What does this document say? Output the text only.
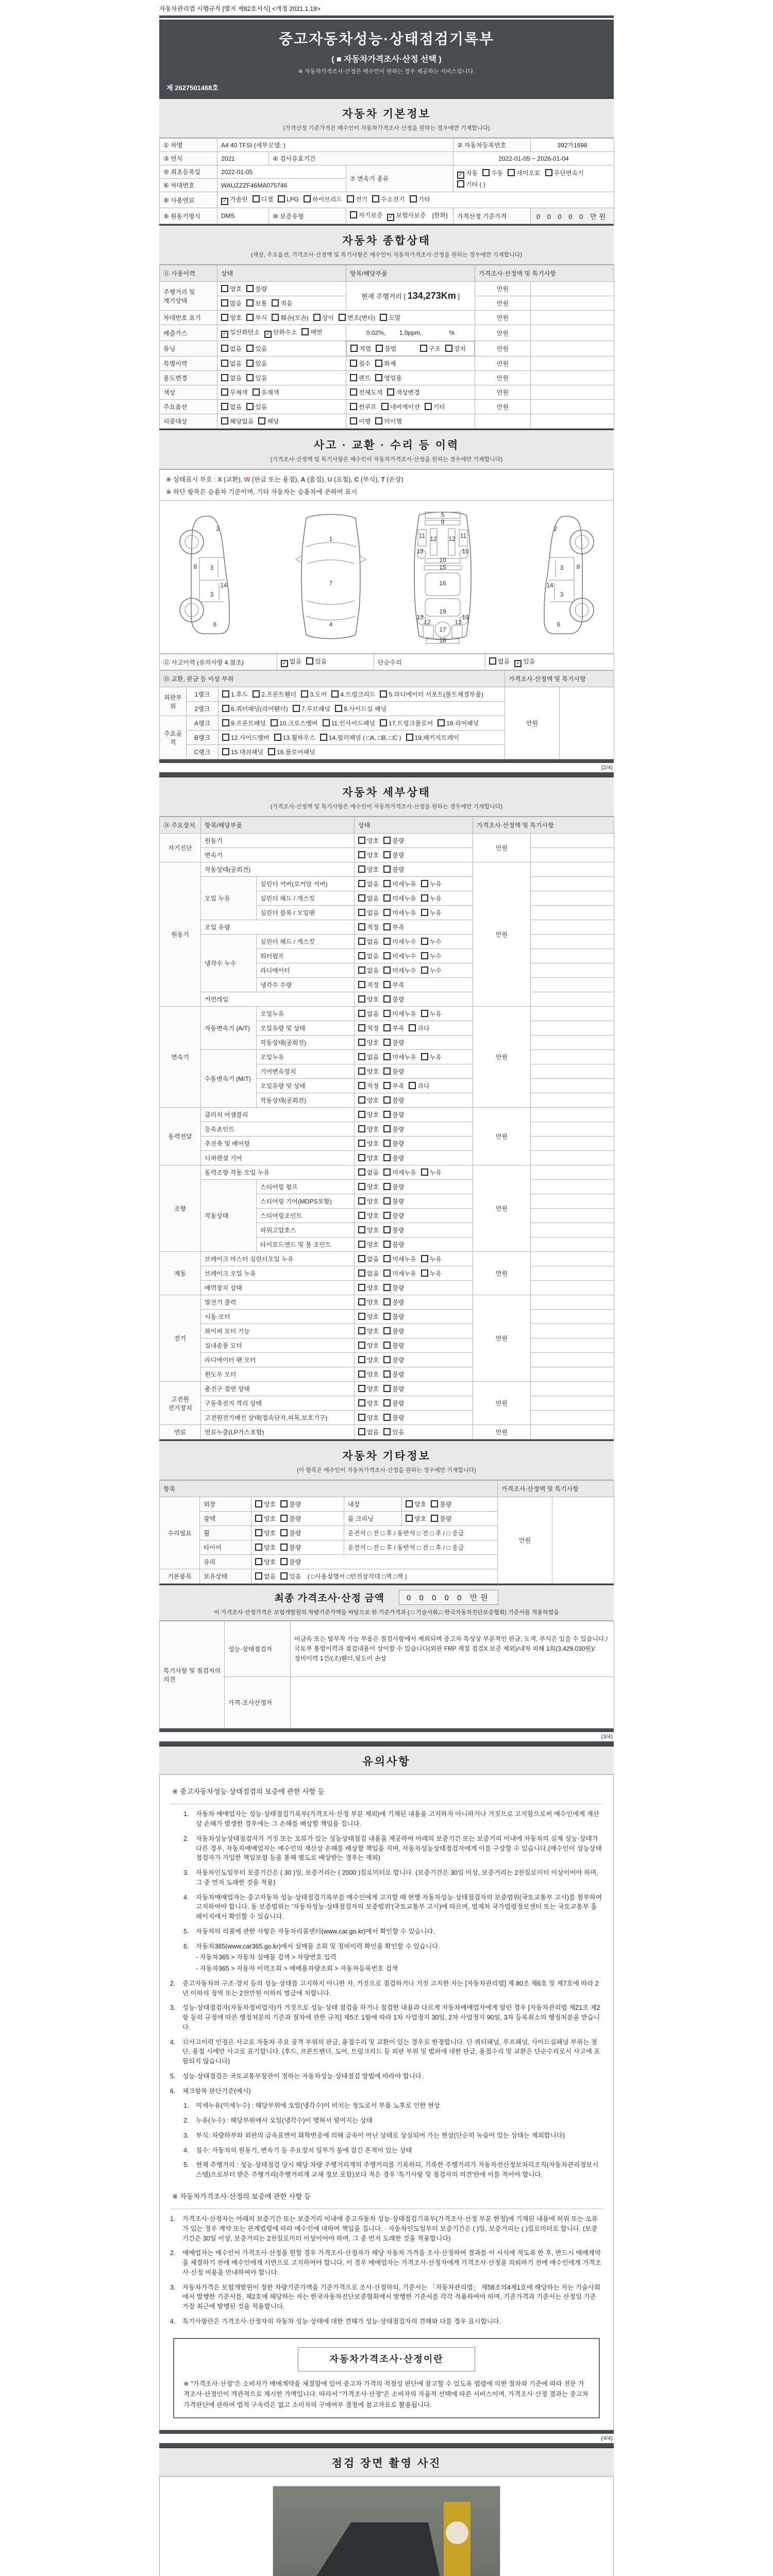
자동차관리법 시행규칙 [별지 제82호서식] <개정 2021.1.19>
중고자동차성능·상태점검기록부
( ■ 자동차가격조사·산정 선택 )
※ 자동차가격조사·산정은 매수인이 원하는 경우 제공하는 서비스입니다.
제 2627501468호
자동차 기본정보
(가격산정 기준가격은 매수인이 자동차가격조사·산정을 원하는 경우에만 기재합니다)
① 차명	A4 40 TFSI (세부모델: )			② 자동차등록번호	392가1698
③ 연식	2021	④ 검사유효기간		2022-01-05 ~ 2026-01-04	
⑤ 최초등록일	2022-01-05		⑦ 변속기 종류	✓ 자동 수동 세미오토 무단변속기기타 ( )	
⑥ 차대번호	WAUZZZF46MA075746				
⑧ 사용연료	✓ 가솔린 디젤 LPG 하이브리드 전기 수소전기 기타				
⑨ 원동기형식	DMS	⑩ 보증유형	자기보증 ✓ 보험사보증 [한화]	가격산정 기준가격	0 0 0 0 0 만원
자동차 종합상태
(색상, 주요옵션, 가격조사·산정액 및 특기사항은 매수인이 자동차가격조사·산정을 원하는 경우에만 기재합니다)
⑪ 사용이력	상태	항목/해당부품	가격조사·산정액 및 특기사항	
주행거리 및 계기상태	양호 불량	현재 주행거리 [ 134,273Km ]	만원	
	많음 보통 적음		만원	
차대번호 표기	양호 부식 훼손(오손) 상이 변조(변타) 도말		만원	
배출가스	✓ 일산화탄소 ✓ 탄화수소 매연	0.02%,        1.0ppm,                %	만원	
튜닝	없음 있음		적법 불법	구조 장치	만원	
특별이력	없음 있음	침수 화재	만원	
용도변경	없음 있음	렌트 영업용	만원	
색상	무채색 유채색	전체도색 색상변경	만원	
주요옵션	없음 있음	썬루프 네비게이션 기타	만원	
리콜대상	해당없음 해당	이행 미이행		
사고 · 교환 · 수리 등 이력
(가격조사·산정액 및 특기사항은 매수인이 자동차가격조사·산정을 원하는 경우에만 기재합니다)
※ 상태표시 부호 : X (교환), W (판금 또는 용접), A (흠집), U (요철), C (부식), T (손상)
※ 하단 항목은 승용차 기준이며, 기타 자동차는 승용차에 준하여 표시
2
8 3
14
3
6
1
7
4
5
9
11	11
13	13
12 12
10
15
16
19
13	13
17
12	12
18
2
3 8
14
3
6
⑫ 사고이력 (유의사항 4.참조)	✓ 없음 있음	단순수리	없음 ✓ 있음
⑬ 교환, 판금 등 이상 부위			가격조사·산정액 및 특기사항	
외판부위	1랭크	1.후드 2.프론트휀더 3.도어 4.트렁크리드 5.라디에이터 서포트(볼트체결부품)	만원	
	2랭크	6.쿼터패널(리어휀더) 7.루브패널 8.사이드실 패널		
주요골격	A랭크	9.프론트패널 10.크로스멤버 11.인사이드패널 17.트렁크플로어 18.리어패널		
	B랭크	12.사이드멤버 13.휠하우스 14.필러패널 ( □A, □B, □C ) 19.패키지트레이		
	C랭크	15.대쉬패널 16.플로어패널		
(2/4)
자동차 세부상태
(가격조사·산정액 및 특기사항은 매수인이 자동차가격조사·산정을 원하는 경우에만 기재합니다)
⑭ 주요장치	항목/해당부품		상태	가격조사·산정액 및 특기사항	
자기진단	원동기		양호 불량	만원	
	변속기		양호 불량		
원동기	작동상태(공회전)		양호 불량	만원	
	오일 누유	실린더 커버(로커암 커버)	없음 미세누유 누유		
		실린더 헤드 / 개스킷	없음 미세누유 누유		
		실린더 블록 / 오일팬	없음 미세누유 누유		
	오일 유량		적정 부족		
	냉각수 누수	실린더 헤드 / 개스킷	없음 미세누수 누수		
		워터펌프	없음 미세누수 누수		
		라디에이터	없음 미세누수 누수		
		냉각수 수량	적정 부족		
	커먼레일		양호 불량		
변속기	자동변속기 (A/T)	오일누유	없음 미세누유 누유	만원	
		오일유량 및 상태	적정 부족 과다		
		작동상태(공회전)	양호 불량		
	수동변속기 (M/T)	오일누유	없음 미세누유 누유		
		기어변속장치	양호 불량		
		오일유량 및 상태	적정 부족 과다		
		작동상태(공회전)	양호 불량		
동력전달	클러치 어셈블리		양호 불량	만원	
	등속죠인트		양호 불량		
	추진축 및 베어링		양호 불량		
	디퍼렌셜 기어		양호 불량		
조향	동력조향 작동 오일 누유		없음 미세누유 누유	만원	
	작동상태	스티어링 펌프	양호 불량		
		스티어링 기어(MDPS포함)	양호 불량		
		스티어링조인트	양호 불량		
		파워고압호스	양호 불량		
		타이로드엔드 및 볼 조인트	양호 불량		
제동	브레이크 마스터 실린더오일 누유		없음 미세누유 누유	만원	
	브레이크 오일 누유		없음 미세누유 누유		
	배력장치 상태		양호 불량		
전기	발전기 출력		양호 불량	만원	
	시동 모터		양호 불량		
	와이퍼 모터 기능		양호 불량		
	실내송풍 모터		양호 불량		
	라디에이터 팬 모터		양호 불량		
	윈도우 모터		양호 불량		
고전원 전기장치	충전구 절연 상태		양호 불량	만원	
	구동축전지 격리 상태		양호 불량		
	고전원전기배선 상태(접속단자,피복,보호기구)		양호 불량		
연료	연료누출(LP가스포함)		없음 있음	만원	
자동차 기타정보
(이 항목은 매수인이 자동차가격조사·산정을 원하는 경우에만 기재합니다)
항목					가격조사·산정액 및 특기사항	
수리필요	외장	양호 불량	내장	양호 불량	만원	
	광택	양호 불량	룸 크리닝	양호 불량		
	휠	양호 불량	운전석 □ 전 □ 후 / 동반석 □ 전 □ 후 / □ 응급			
	타이어	양호 불량	운전석 □ 전 □ 후 / 동반석 □ 전 □ 후 / □ 응급			
	유리	양호 불량				
기본품목	보유상태	없음 있음 ( □사용설명서 □안전삼각대 □잭 □잭 )				
최종 가격조사·산정 금액	0 0 0 0 0 만원
이 가격조사·산정가격은 보험개발원의 차량기준가액을 바탕으로 한 기준가격과 ( □ 기술사회,□ 한국자동차진단보증협회) 기준서를 적용하였음
특기사항 및 점검자의 의견	성능·상태점검자	비금속 또는 탈부착 가능 부품은 점검사항에서 제외되며 중고차 특성상 부분적인 판금, 도색, 부식은 있을 수 있습니다./국토부 통합이력과 점검내용이 상이할 수 있습니다(외판 FRP 재질 점검X 보증 제외)/내차 피해 1회(3,429,030원)/정비이력 1건/(조)휀더,뒷도어 손상
	가격·조사산정자	
(3/4)
유의사항
※ 중고자동차성능·상태점검의 보증에 관한 사항 등
1.	자동차 매매업자는 성능·상태점검기록부(가격조사·산정 부분 제외)에 기재된 내용을 고지하지 아니하거나 거짓으로 고지함으로써 매수인에게 재산상 손해가 발생한 경우에는 그 손해를 배상할 책임을 집니다.
2.	자동차성능상태점검자가 거짓 또는 오류가 있는 성능상태점검 내용을 제공하여 아래의 보증기간 또는 보증거리 이내에 자동차의 실제 성능·상태가 다른 경우, 자동차매매업자는 매수인의 재산상 손해를 배상할 책임을 지며, 자동차성능상태점검자에게 이를 구상할 수 있습니다.(매수인이 성능상태점검자가 가입한 책임보험 등을 통해 별도로 배상받는 경우는 제외)
3.	자동차인도일부터 보증기간은 ( 30 )일, 보증거리는 ( 2000 )킬로미터로 합니다. (보증기간은 30일 이상, 보증거리는 2천킬로미터 이상이어야 하며, 그 중 먼저 도래한 것을 적용)
4.	자동차매매업자는 중고자동차 성능·상태점검기록부를 매수인에게 고지할 때 현행 자동차성능·상태점검자의 보증범위(국토교통부 고시)를 첨부하여 고지하여야 합니다. 동 보증범위는 '자동차성능·상태점검자의 보증범위'(국토교통부 고시)에 따르며, 법제처 국가법령정보센터 또는 국토교통부 홈페이지에서 확인할 수 있습니다.
5.	자동차의 리콜에 관한 사항은 자동차리콜센터(www.car.go.kr)에서 확인할 수 있습니다.
6.	자동차365(www.car365.go.kr)에서 실매물 조회 및 정비이력 확인을 확인할 수 있습니다.
- 자동차365 > 자동차 실매물 검색 > 차량번호 입력
- 자동차365 > 자동차 이력조회 > 매매용차량조회 > 자동차등록번호 검색
2.	중고자동차의 구조·장치 등의 성능·상태를 고지하지 아니한 자, 거짓으로 점검하거나 거짓 고지한 자는 [자동차관리법] 제 80조 제6호 및 제7호에 따라 2년 이하의 징역 또는 2천만원 이하의 벌금에 처합니다.
3.	성능·상태점검자(자동차정비업자)가 거짓으로 성능·상태 점검을 하거나 점검한 내용과 다르게 자동차매매업자에게 알린 경우 [자동차관리법 제21조 제2항 등의 규정에 따른 행정처분의 기준과 절차에 관한 규칙] 제5조 1항에 따라 1차 사업정지 30일, 2차 사업정지 90일, 3차 등록취소의 행정처분을 받습니다.
4.	⑫사고이력 인정은 사고로 자동차 주요 골격 부위의 판금, 용접수리 및 교환이 있는 경우로 한정합니다. 단 쿼터패널, 루프패널, 사이드실패널 부위는 절단, 용접 시에만 사고로 표기합니다. (후드, 프론트펜더, 도어, 트렁크리드 등 외판 부위 및 범퍼에 대한 판금, 용접수리 및 교환은 단순수리로서 사고에 포함되지 않습니다)
5.	성능·상태점검은 국토교통부장관이 정하는 자동차성능·상태점검 방법에 따라야 합니다.
6.	체크항목 판단기준(예시)
1.	미세누유(미세누수) : 해당부위에 오일(냉각수)이 비치는 정도로서 부품 노후로 인한 현상
2.	누유(누수) : 해당부위에서 오일(냉각수)이 맺혀서 떨어지는 상태
3.	부식: 차량하부와 외판의 금속표면이 화학반응에 의해 금속이 아닌 상태로 상실되어 가는 현상(단순히 녹슬어 있는 상태는 제외합니다)
4.	침수: 자동차의 원동기, 변속기 등 주요장치 일부가 물에 잠긴 흔적이 있는 상태
5.	현재 주행거리 : 성능·상태점검 당시 해당 차량 주행거리계의 주행거리를 기록하되, 기록한 주행거리가 자동차전산정보처리조직(자동차관리정보시스템)으로부터 받은 주행거리(주행거리계 교체 정보 포함)보다 적은 경우 '특기사항 및 점검자의 의견'란에 이를 적어야 합니다.
※ 자동차가격조사·산정의 보증에 관한 사항 등
1.	가격조사·산정자는 아래의 보증기간 또는 보증거리 이내에 중고자동차 성능·상태점검기록부(가격조사·산정 부분 한정)에 기재된 내용에 허위 또는 오류가 있는 경우 계약 또는 관계법령에 따라 매수인에 대하여 책임을 집니다. · 자동차인도일부터 보증기간은 ( )일, 보증거리는 ( )킬로미터로 합니다. (보증기간은 30일 이상, 보증거리는 2천킬로미터 이상이어야 하며, 그 중 먼저 도래한 것을 적용합니다)
2.	매매업자는 매수인이 가격조사·산정을 원할 경우 가격조사·산정자가 해당 자동차 가격을 조사·산정하여 결과를 이 서식에 적도록 한 후, 반드시 매매계약을 체결하기 전에 매수인에게 서면으로 고지하여야 합니다. 이 경우 매매업자는 가격조사·산정자에게 가격조사·산정을 의뢰하기 전에 매수인에게 가격조사·산정 비용을 안내하여야 합니다.
3.	자동차가격은 보험개발원이 정한 차량기준가액을 기준가격으로 조사·산정하되, 기준서는 「자동차관리법」 제58조의4제1호에 해당하는 자는 기술사회에서 발행한 기준서를, 제2호에 해당하는 자는 한국자동차진단보증협회에서 발행한 기준서를 각각 적용하여야 하며, 기준가격과 기준서는 산정일 기준 가장 최근에 발행된 것을 적용합니다.
4.	특기사항란은 가격조사·산정자의 자동차 성능·상태에 대한 견해가 성능·상태점검자의 견해와 다를 경우 표시합니다.
자동차가격조사·산정이란
※ "가격조사·산정"은 소비자가 매매계약을 체결함에 있어 중고차 가격의 적절성 판단에 참고할 수 있도록 법령에 의한 절차와 기준에 따라 전문 가격조사·산정인이 객관적으로 제시한 가액입니다. 따라서 "가격조사·산정"은 소비자의 자율적 선택에 따른 서비스이며, 가격조사·산정 결과는 중고차 가격판단에 관하여 법적 구속력은 없고 소비자의 구매여부 결정에 참고자료로 활용됩니다.
(4/4)
점검 장면 촬영 사진
